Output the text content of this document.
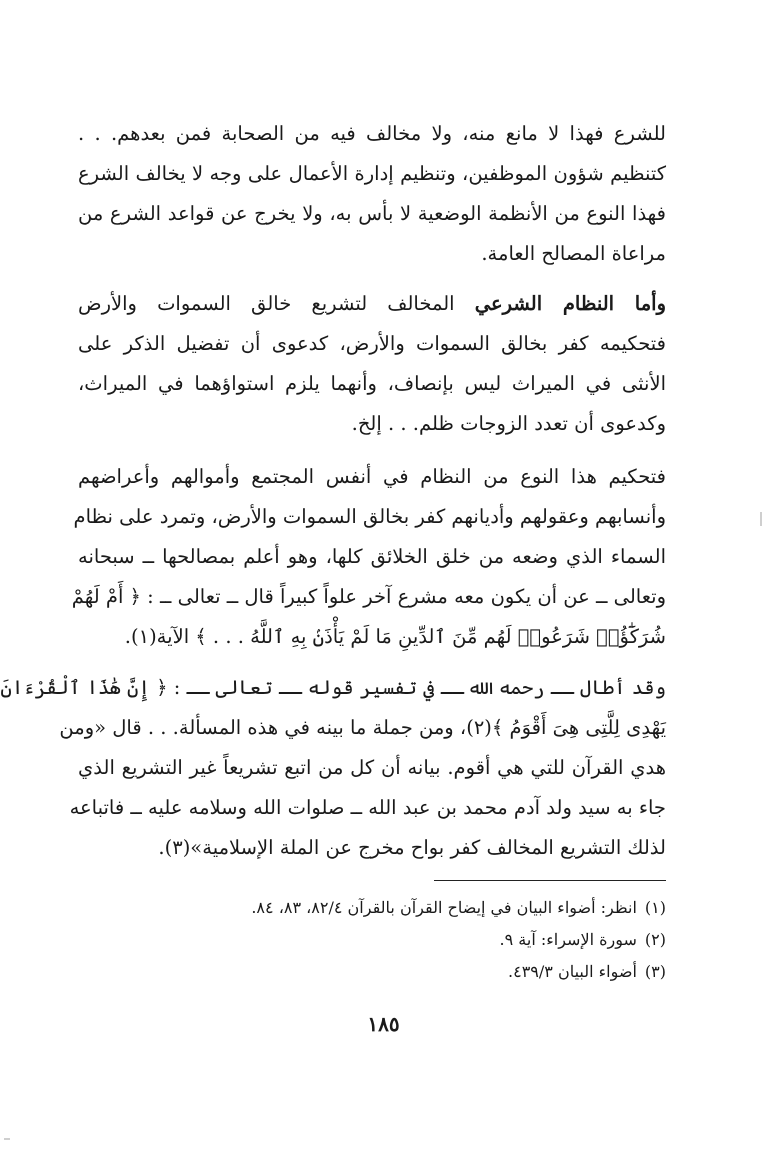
للشرع فهذا لا مانع منه، ولا مخالف فيه من الصحابة فمن بعدهم. . .
كتنظيم شؤون الموظفين، وتنظيم إدارة الأعمال على وجه لا يخالف الشرع
فهذا النوع من الأنظمة الوضعية لا بأس به، ولا يخرج عن قواعد الشرع من
مراعاة المصالح العامة.
وأما النظام الشرعي المخالف لتشريع خالق السموات والأرض
فتحكيمه كفر بخالق السموات والأرض، كدعوى أن تفضيل الذكر على
الأنثى في الميراث ليس بإنصاف، وأنهما يلزم استواؤهما في الميراث،
وكدعوى أن تعدد الزوجات ظلم. . . إلخ.
فتحكيم هذا النوع من النظام في أنفس المجتمع وأموالهم وأعراضهم
وأنسابهم وعقولهم وأديانهم كفر بخالق السموات والأرض، وتمرد على نظام
السماء الذي وضعه من خلق الخلائق كلها، وهو أعلم بمصالحها ــ سبحانه
وتعالى ــ عن أن يكون معه مشرع آخر علواً كبيراً قال ــ تعالى ــ : ﴿ أَمْ لَهُمْ
شُرَكَٰٓؤُا۟ شَرَعُوا۟ لَهُم مِّنَ ٱلدِّينِ مَا لَمْ يَأْذَنۢ بِهِ ٱللَّهُ . . . ﴾ الآية(١).
وقد أطال ــ رحمه الله ــ في تفسير قوله ــ تعالى ــ : ﴿ إِنَّ هَٰذَا ٱلْقُرْءَانَ
يَهْدِى لِلَّتِى هِىَ أَقْوَمُ ﴾(٢)، ومن جملة ما بينه في هذه المسألة. . . قال «ومن
هدي القرآن للتي هي أقوم. بيانه أن كل من اتبع تشريعاً غير التشريع الذي
جاء به سيد ولد آدم محمد بن عبد الله ــ صلوات الله وسلامه عليه ــ فاتباعه
لذلك التشريع المخالف كفر بواح مخرج عن الملة الإسلامية»(٣).
(١)انظر: أضواء البيان في إيضاح القرآن بالقرآن ٨٢/٤، ٨٣، ٨٤.
(٢)سورة الإسراء: آية ٩.
(٣)أضواء البيان ٤٣٩/٣.
١٨٥
